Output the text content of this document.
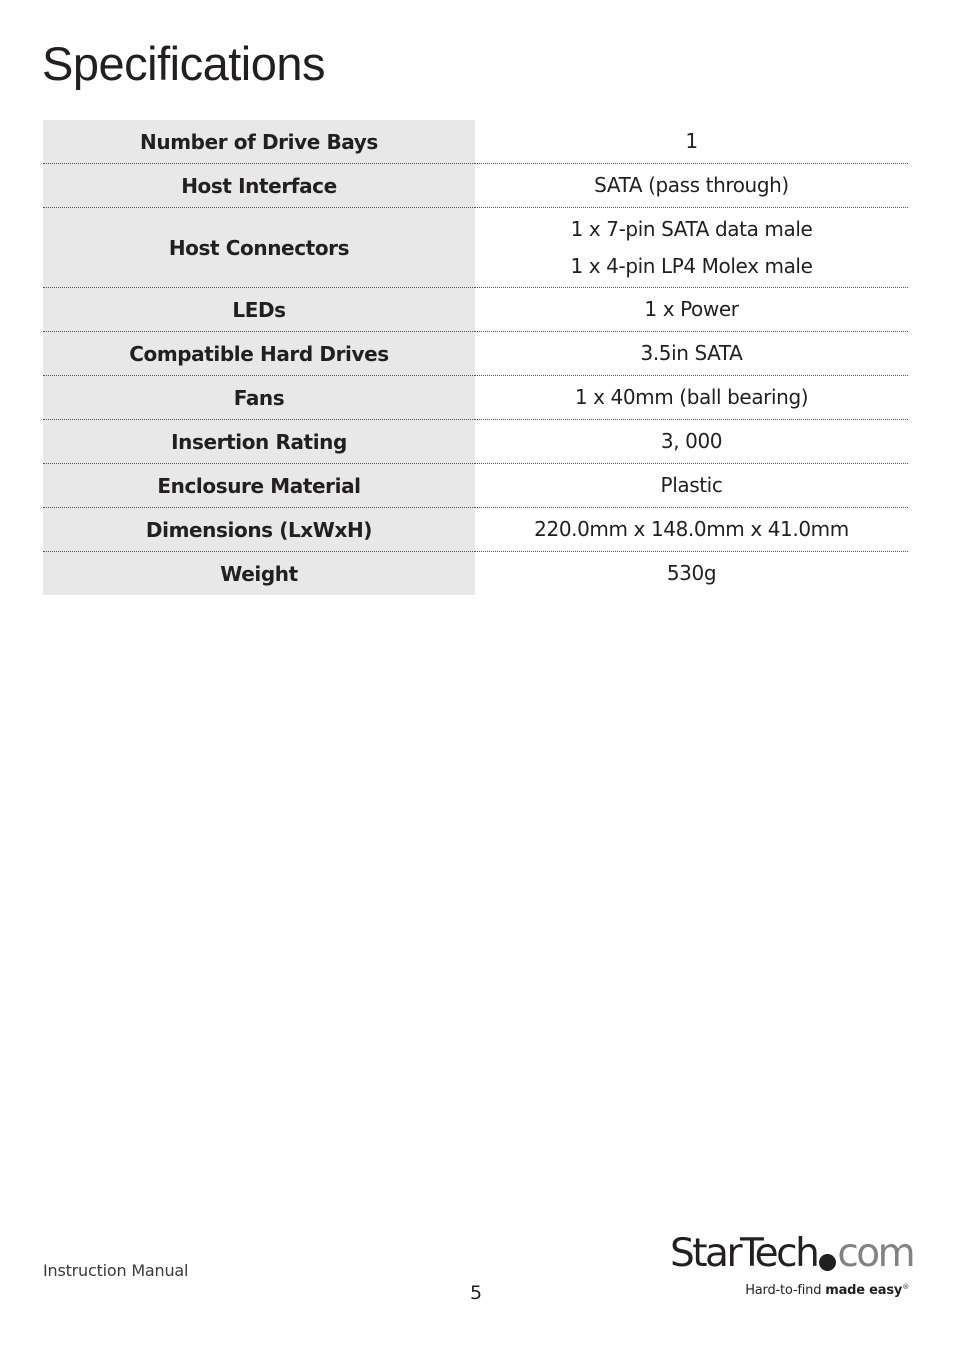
Specifications
Number of Drive Bays	1

Host Interface	SATA (pass through)

Host Connectors	1 x 7-pin SATA data male
1 x 4-pin LP4 Molex male

LEDs	1 x Power

Compatible Hard Drives	3.5in SATA

Fans	1 x 40mm (ball bearing)

Insertion Rating	3, 000

Enclosure Material	Plastic

Dimensions (LxWxH)	220.0mm x 148.0mm x 41.0mm

Weight	530g
Instruction Manual
5
StarTech com
Hard-to-find made easy®
